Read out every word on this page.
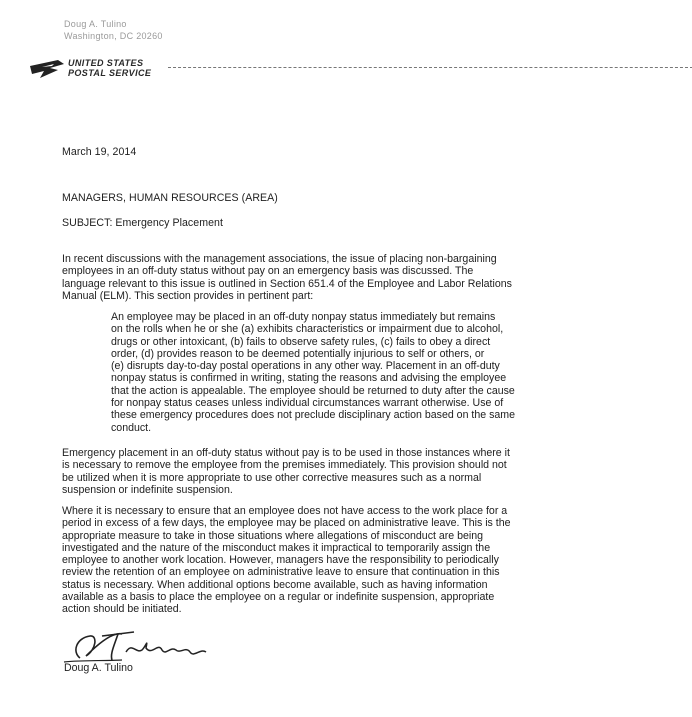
Doug A. Tulino
Washington, DC 20260
UNITED STATES
POSTAL SERVICE
March 19, 2014
MANAGERS, HUMAN RESOURCES (AREA)
SUBJECT: Emergency Placement
In recent discussions with the management associations, the issue of placing non-bargaining
employees in an off-duty status without pay on an emergency basis was discussed. The
language relevant to this issue is outlined in Section 651.4 of the Employee and Labor Relations
Manual (ELM). This section provides in pertinent part:
An employee may be placed in an off-duty nonpay status immediately but remains
on the rolls when he or she (a) exhibits characteristics or impairment due to alcohol,
drugs or other intoxicant, (b) fails to observe safety rules, (c) fails to obey a direct
order, (d) provides reason to be deemed potentially injurious to self or others, or
(e) disrupts day-to-day postal operations in any other way. Placement in an off-duty
nonpay status is confirmed in writing, stating the reasons and advising the employee
that the action is appealable. The employee should be returned to duty after the cause
for nonpay status ceases unless individual circumstances warrant otherwise. Use of
these emergency procedures does not preclude disciplinary action based on the same
conduct.
Emergency placement in an off-duty status without pay is to be used in those instances where it
is necessary to remove the employee from the premises immediately. This provision should not
be utilized when it is more appropriate to use other corrective measures such as a normal
suspension or indefinite suspension.
Where it is necessary to ensure that an employee does not have access to the work place for a
period in excess of a few days, the employee may be placed on administrative leave. This is the
appropriate measure to take in those situations where allegations of misconduct are being
investigated and the nature of the misconduct makes it impractical to temporarily assign the
employee to another work location. However, managers have the responsibility to periodically
review the retention of an employee on administrative leave to ensure that continuation in this
status is necessary. When additional options become available, such as having information
available as a basis to place the employee on a regular or indefinite suspension, appropriate
action should be initiated.
Doug A. Tulino
